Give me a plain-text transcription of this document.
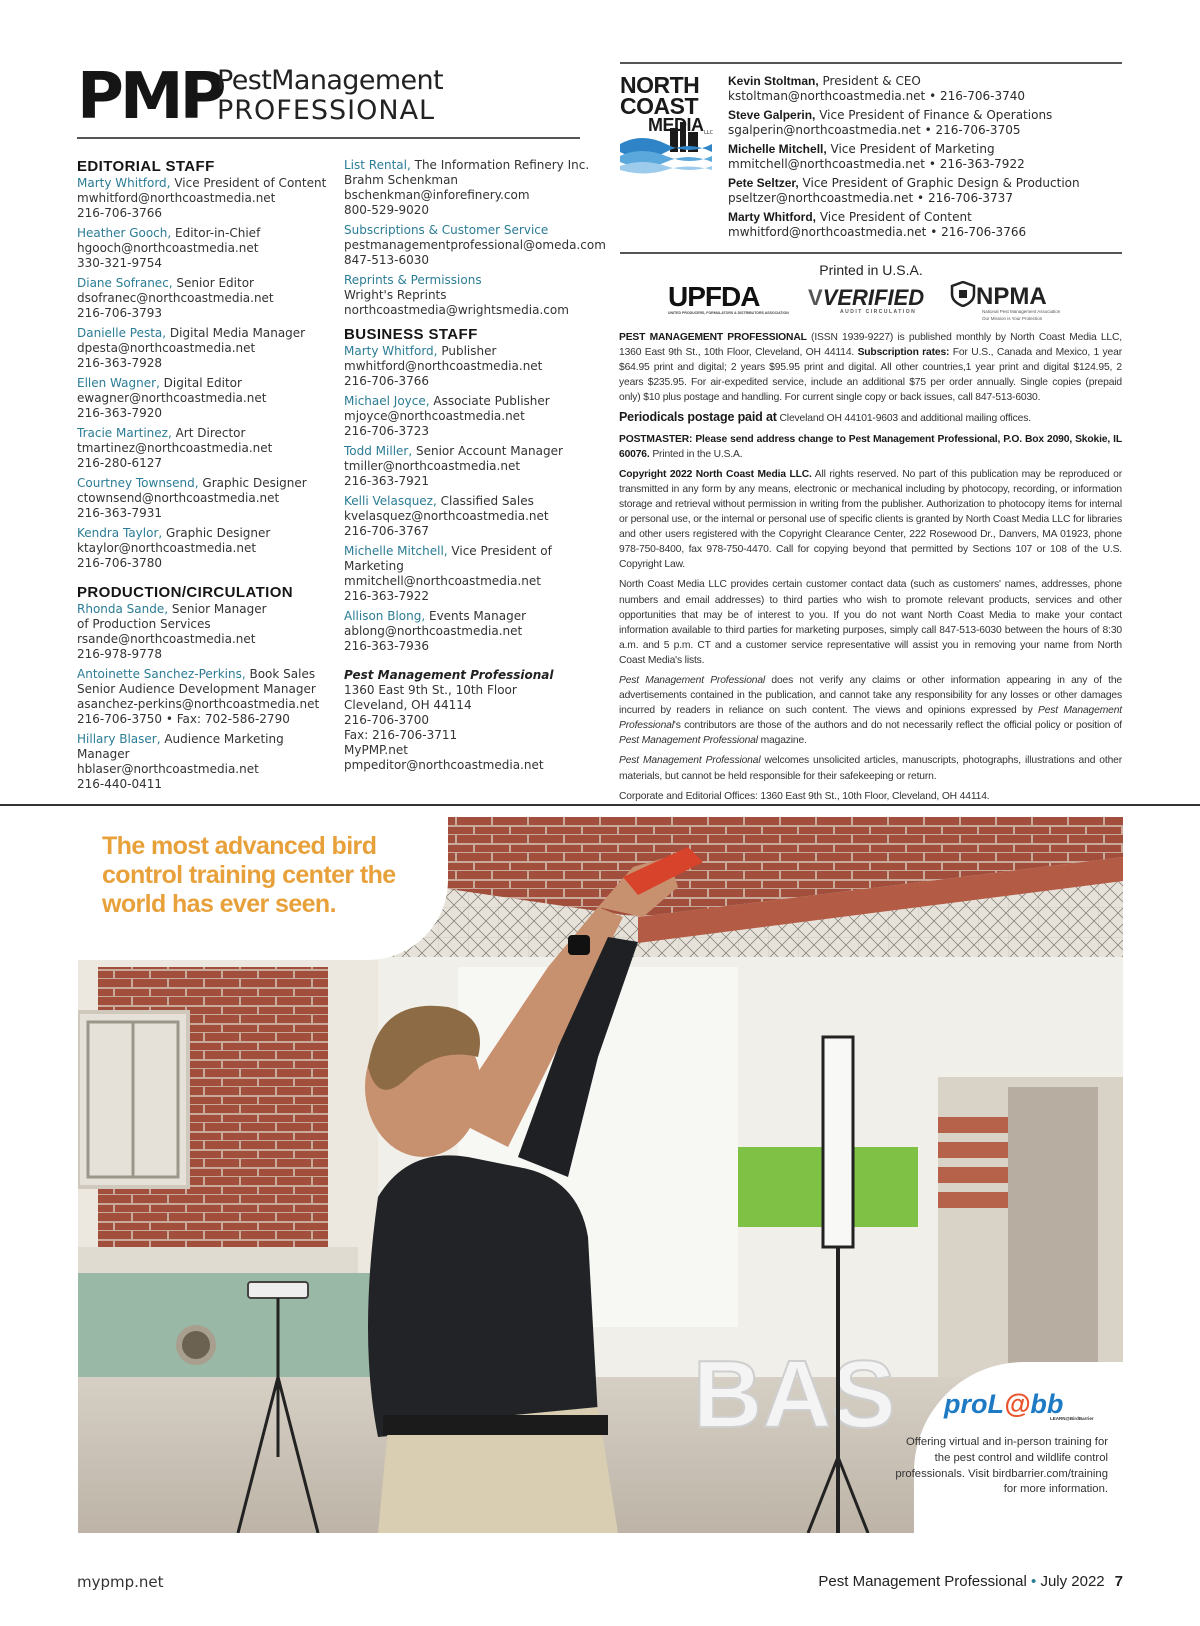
PMP
PestManagement
PROFESSIONAL
EDITORIAL STAFF
Marty Whitford, Vice President of Content
mwhitford@northcoastmedia.net
216-706-3766
Heather Gooch, Editor-in-Chief
hgooch@northcoastmedia.net
330-321-9754
Diane Sofranec, Senior Editor
dsofranec@northcoastmedia.net
216-706-3793
Danielle Pesta, Digital Media Manager
dpesta@northcoastmedia.net
216-363-7928
Ellen Wagner, Digital Editor
ewagner@northcoastmedia.net
216-363-7920
Tracie Martinez, Art Director
tmartinez@northcoastmedia.net
216-280-6127
Courtney Townsend, Graphic Designer
ctownsend@northcoastmedia.net
216-363-7931
Kendra Taylor, Graphic Designer
ktaylor@northcoastmedia.net
216-706-3780
PRODUCTION/CIRCULATION
Rhonda Sande, Senior Manager
of Production Services
rsande@northcoastmedia.net
216-978-9778
Antoinette Sanchez-Perkins, Book Sales
Senior Audience Development Manager
asanchez-perkins@northcoastmedia.net
216-706-3750 • Fax: 702-586-2790
Hillary Blaser, Audience Marketing Manager
hblaser@northcoastmedia.net
216-440-0411
List Rental, The Information Refinery Inc.
Brahm Schenkman
bschenkman@inforefinery.com
800-529-9020
Subscriptions & Customer Service
pestmanagementprofessional@omeda.com
847-513-6030
Reprints & Permissions
Wright's Reprints
northcoastmedia@wrightsmedia.com
BUSINESS STAFF
Marty Whitford, Publisher
mwhitford@northcoastmedia.net
216-706-3766
Michael Joyce, Associate Publisher
mjoyce@northcoastmedia.net
216-706-3723
Todd Miller, Senior Account Manager
tmiller@northcoastmedia.net
216-363-7921
Kelli Velasquez, Classified Sales
kvelasquez@northcoastmedia.net
216-706-3767
Michelle Mitchell, Vice President of Marketing
mmitchell@northcoastmedia.net
216-363-7922
Allison Blong, Events Manager
ablong@northcoastmedia.net
216-363-7936
Pest Management Professional
1360 East 9th St., 10th Floor
Cleveland, OH 44114
216-706-3700
Fax: 216-706-3711
MyPMP.net
pmpeditor@northcoastmedia.net
NORTH
COAST
MEDIA LLC
Kevin Stoltman, President & CEO
kstoltman@northcoastmedia.net • 216-706-3740
Steve Galperin, Vice President of Finance & Operations
sgalperin@northcoastmedia.net • 216-706-3705
Michelle Mitchell, Vice President of Marketing
mmitchell@northcoastmedia.net • 216-363-7922
Pete Seltzer, Vice President of Graphic Design & Production
pseltzer@northcoastmedia.net • 216-706-3737
Marty Whitford, Vice President of Content
mwhitford@northcoastmedia.net • 216-706-3766
Printed in U.S.A.
UPFDA
UNITED PRODUCERS, FORMULATORS & DISTRIBUTORS ASSOCIATION
VVERIFIED
AUDIT CIRCULATION
NPMA
National Pest Management Association
Our Mission is Your Protection

PEST MANAGEMENT PROFESSIONAL (ISSN 1939-9227) is published monthly by North Coast Media LLC, 1360 East 9th St., 10th Floor, Cleveland, OH 44114. Subscription rates: For U.S., Canada and Mexico, 1 year $64.95 print and digital; 2 years $95.95 print and digital. All other countries,1 year print and digital $124.95, 2 years $235.95. For air-expedited service, include an additional $75 per order annually. Single copies (prepaid only) $10 plus postage and handling. For current single copy or back issues, call 847-513-6030.

Periodicals postage paid at Cleveland OH 44101-9603 and additional mailing offices.

POSTMASTER: Please send address change to Pest Management Professional, P.O. Box 2090, Skokie, IL 60076. Printed in the U.S.A.

Copyright 2022 North Coast Media LLC. All rights reserved. No part of this publication may be reproduced or transmitted in any form by any means, electronic or mechanical including by photocopy, recording, or information storage and retrieval without permission in writing from the publisher. Authorization to photocopy items for internal or personal use, or the internal or personal use of specific clients is granted by North Coast Media LLC for libraries and other users registered with the Copyright Clearance Center, 222 Rosewood Dr., Danvers, MA 01923, phone 978-750-8400, fax 978-750-4470. Call for copying beyond that permitted by Sections 107 or 108 of the U.S. Copyright Law.

North Coast Media LLC provides certain customer contact data (such as customers' names, addresses, phone numbers and email addresses) to third parties who wish to promote relevant products, services and other opportunities that may be of interest to you. If you do not want North Coast Media to make your contact information available to third parties for marketing purposes, simply call 847-513-6030 between the hours of 8:30 a.m. and 5 p.m. CT and a customer service representative will assist you in removing your name from North Coast Media's lists.

Pest Management Professional does not verify any claims or other information appearing in any of the advertisements contained in the publication, and cannot take any responsibility for any losses or other damages incurred by readers in reliance on such content. The views and opinions expressed by Pest Management Professional's contributors are those of the authors and do not necessarily reflect the official policy or position of Pest Management Professional magazine.

Pest Management Professional welcomes unsolicited articles, manuscripts, photographs, illustrations and other materials, but cannot be held responsible for their safekeeping or return.

Corporate and Editorial Offices: 1360 East 9th St., 10th Floor, Cleveland, OH 44114.

BAS
The most advanced bird control training center the world has ever seen.
proL@bb
LEARN@BirdBarrier
Offering virtual and in-person training for the pest control and wildlife control professionals. Visit birdbarrier.com/training for more information.
mypmp.net	Pest Management Professional • July 2022 7
